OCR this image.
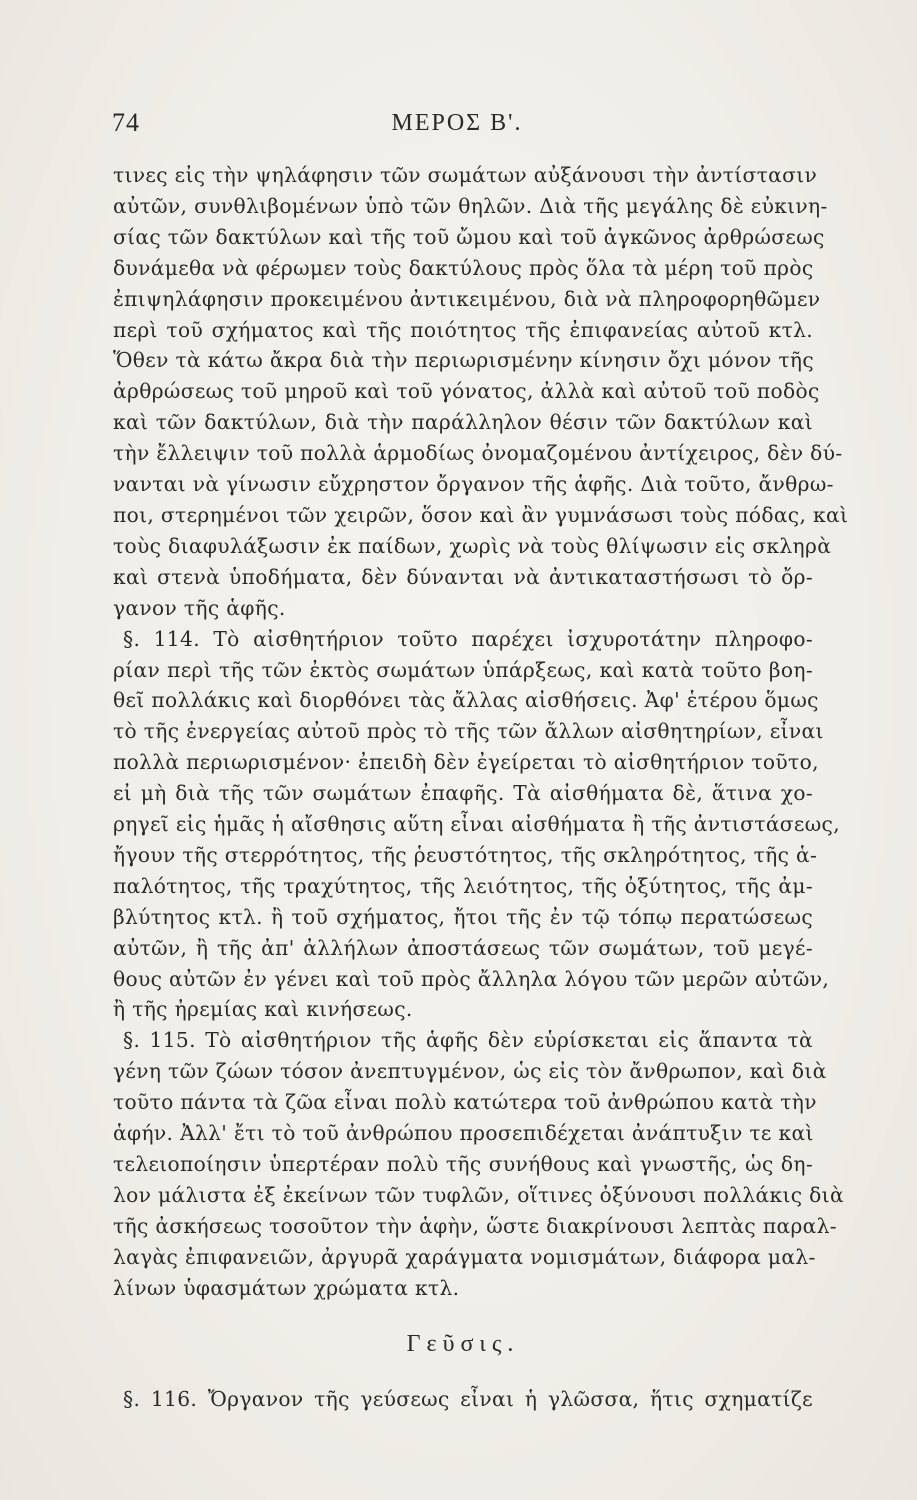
74	ΜΕΡΟΣ Β'.
τινες εἰς τὴν ψηλάφησιν τῶν σωμάτων αὐξάνουσι τὴν ἀντίστασιν
αὐτῶν, συνθλιβομένων ὑπὸ τῶν θηλῶν. Διὰ τῆς μεγάλης δὲ εὐκινη-
σίας τῶν δακτύλων καὶ τῆς τοῦ ὤμου καὶ τοῦ ἀγκῶνος ἀρθρώσεως
δυνάμεθα νὰ φέρωμεν τοὺς δακτύλους πρὸς ὅλα τὰ μέρη τοῦ πρὸς
ἐπιψηλάφησιν προκειμένου ἀντικειμένου, διὰ νὰ πληροφορηθῶμεν
περὶ τοῦ σχήματος καὶ τῆς ποιότητος τῆς ἐπιφανείας αὐτοῦ κτλ.
Ὅθεν τὰ κάτω ἄκρα διὰ τὴν περιωρισμένην κίνησιν ὄχι μόνον τῆς
ἀρθρώσεως τοῦ μηροῦ καὶ τοῦ γόνατος, ἀλλὰ καὶ αὐτοῦ τοῦ ποδὸς
καὶ τῶν δακτύλων, διὰ τὴν παράλληλον θέσιν τῶν δακτύλων καὶ
τὴν ἔλλειψιν τοῦ πολλὰ ἁρμοδίως ὀνομαζομένου ἀντίχειρος, δὲν δύ-
νανται νὰ γίνωσιν εὔχρηστον ὄργανον τῆς ἁφῆς. Διὰ τοῦτο, ἄνθρω-
ποι, στερημένοι τῶν χειρῶν, ὅσον καὶ ἂν γυμνάσωσι τοὺς πόδας, καὶ
τοὺς διαφυλάξωσιν ἐκ παίδων, χωρὶς νὰ τοὺς θλίψωσιν εἰς σκληρὰ
καὶ στενὰ ὑποδήματα, δὲν δύνανται νὰ ἀντικαταστήσωσι τὸ ὄρ-
γανον τῆς ἁφῆς.
§. 114. Τὸ αἰσθητήριον τοῦτο παρέχει ἰσχυροτάτην πληροφο-
ρίαν περὶ τῆς τῶν ἐκτὸς σωμάτων ὑπάρξεως, καὶ κατὰ τοῦτο βοη-
θεῖ πολλάκις καὶ διορθόνει τὰς ἄλλας αἰσθήσεις. Ἀφ' ἑτέρου ὅμως
τὸ τῆς ἐνεργείας αὐτοῦ πρὸς τὸ τῆς τῶν ἄλλων αἰσθητηρίων, εἶναι
πολλὰ περιωρισμένον· ἐπειδὴ δὲν ἐγείρεται τὸ αἰσθητήριον τοῦτο,
εἰ μὴ διὰ τῆς τῶν σωμάτων ἐπαφῆς. Τὰ αἰσθήματα δὲ, ἅτινα χο-
ρηγεῖ εἰς ἡμᾶς ἡ αἴσθησις αὕτη εἶναι αἰσθήματα ἢ τῆς ἀντιστάσεως,
ἤγουν τῆς στερρότητος, τῆς ῥευστότητος, τῆς σκληρότητος, τῆς ἁ-
παλότητος, τῆς τραχύτητος, τῆς λειότητος, τῆς ὀξύτητος, τῆς ἀμ-
βλύτητος κτλ. ἢ τοῦ σχήματος, ἤτοι τῆς ἐν τῷ τόπῳ περατώσεως
αὐτῶν, ἢ τῆς ἀπ' ἀλλήλων ἀποστάσεως τῶν σωμάτων, τοῦ μεγέ-
θους αὐτῶν ἐν γένει καὶ τοῦ πρὸς ἄλληλα λόγου τῶν μερῶν αὐτῶν,
ἢ τῆς ἠρεμίας καὶ κινήσεως.
§. 115. Τὸ αἰσθητήριον τῆς ἁφῆς δὲν εὑρίσκεται εἰς ἅπαντα τὰ
γένη τῶν ζώων τόσον ἀνεπτυγμένον, ὡς εἰς τὸν ἄνθρωπον, καὶ διὰ
τοῦτο πάντα τὰ ζῶα εἶναι πολὺ κατώτερα τοῦ ἀνθρώπου κατὰ τὴν
ἁφήν. Ἀλλ' ἔτι τὸ τοῦ ἀνθρώπου προσεπιδέχεται ἀνάπτυξιν τε καὶ
τελειοποίησιν ὑπερτέραν πολὺ τῆς συνήθους καὶ γνωστῆς, ὡς δη-
λον μάλιστα ἐξ ἐκείνων τῶν τυφλῶν, οἵτινες ὀξύνουσι πολλάκις διὰ
τῆς ἀσκήσεως τοσοῦτον τὴν ἁφὴν, ὥστε διακρίνουσι λεπτὰς παραλ-
λαγὰς ἐπιφανειῶν, ἀργυρᾶ χαράγματα νομισμάτων, διάφορα μαλ-
λίνων ὑφασμάτων χρώματα κτλ.
Γεῦσις.
§. 116. Ὄργανον τῆς γεύσεως εἶναι ἡ γλῶσσα, ἥτις σχηματίζε
